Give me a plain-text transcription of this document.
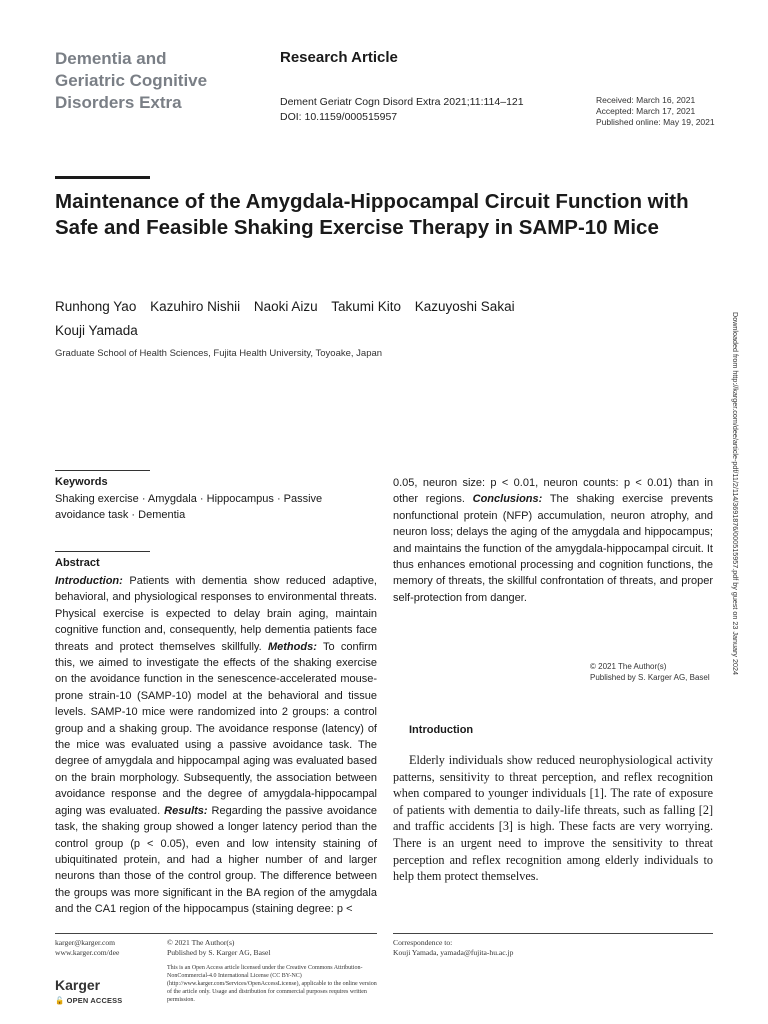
Dementia and
Geriatric Cognitive
Disorders Extra
Research Article
Dement Geriatr Cogn Disord Extra 2021;11:114–121
DOI: 10.1159/000515957
Received: March 16, 2021
Accepted: March 17, 2021
Published online: May 19, 2021
Maintenance of the Amygdala-Hippocampal Circuit Function with Safe and Feasible Shaking Exercise Therapy in SAMP-10 Mice
Runhong Yao Kazuhiro Nishii Naoki Aizu Takumi Kito Kazuyoshi Sakai
Kouji Yamada
Graduate School of Health Sciences, Fujita Health University, Toyoake, Japan	Downloaded from http://karger.com/dee/article-pdf/11/2/114/3691876/000515957.pdf by guest on 23 January 2024
Keywords
Shaking exercise · Amygdala · Hippocampus · Passive avoidance task · Dementia
Abstract
Introduction: Patients with dementia show reduced adaptive, behavioral, and physiological responses to environmental threats. Physical exercise is expected to delay brain aging, maintain cognitive function and, consequently, help dementia patients face threats and protect themselves skillfully. Methods: To confirm this, we aimed to investigate the effects of the shaking exercise on the avoidance function in the senescence-accelerated mouse-prone strain-10 (SAMP-10) model at the behavioral and tissue levels. SAMP-10 mice were randomized into 2 groups: a control group and a shaking group. The avoidance response (latency) of the mice was evaluated using a passive avoidance task. The degree of amygdala and hippocampal aging was evaluated based on the brain morphology. Subsequently, the association between avoidance response and the degree of amygdala-hippocampal aging was evaluated. Results: Regarding the passive avoidance task, the shaking group showed a longer latency period than the control group (p < 0.05), even and low intensity staining of ubiquitinated protein, and had a higher number of and larger neurons than those of the control group. The difference between the groups was more significant in the BA region of the amygdala and the CA1 region of the hippocampus (staining degree: p <
0.05, neuron size: p < 0.01, neuron counts: p < 0.01) than in other regions. Conclusions: The shaking exercise prevents nonfunctional protein (NFP) accumulation, neuron atrophy, and neuron loss; delays the aging of the amygdala and hippocampus; and maintains the function of the amygdala-hippocampal circuit. It thus enhances emotional processing and cognition functions, the memory of threats, the skillful confrontation of threats, and proper self-protection from danger.
© 2021 The Author(s)
Published by S. Karger AG, Basel
Introduction
Elderly individuals show reduced neurophysiological activity patterns, sensitivity to threat perception, and reflex recognition when compared to younger individuals [1]. The rate of exposure of patients with dementia to daily-life threats, such as falling [2] and traffic accidents [3] is high. These facts are very worrying. There is an urgent need to improve the sensitivity to threat perception and reflex recognition among elderly individuals to help them protect themselves.
karger@karger.com
www.karger.com/dee
Karger
🔓 OPEN ACCESS
© 2021 The Author(s)
Published by S. Karger AG, Basel
This is an Open Access article licensed under the Creative Commons Attribution-NonCommercial-4.0 International License (CC BY-NC) (http://www.karger.com/Services/OpenAccessLicense), applicable to the online version of the article only. Usage and distribution for commercial purposes requires written permission.
Correspondence to:
Kouji Yamada, yamada@fujita-hu.ac.jp
